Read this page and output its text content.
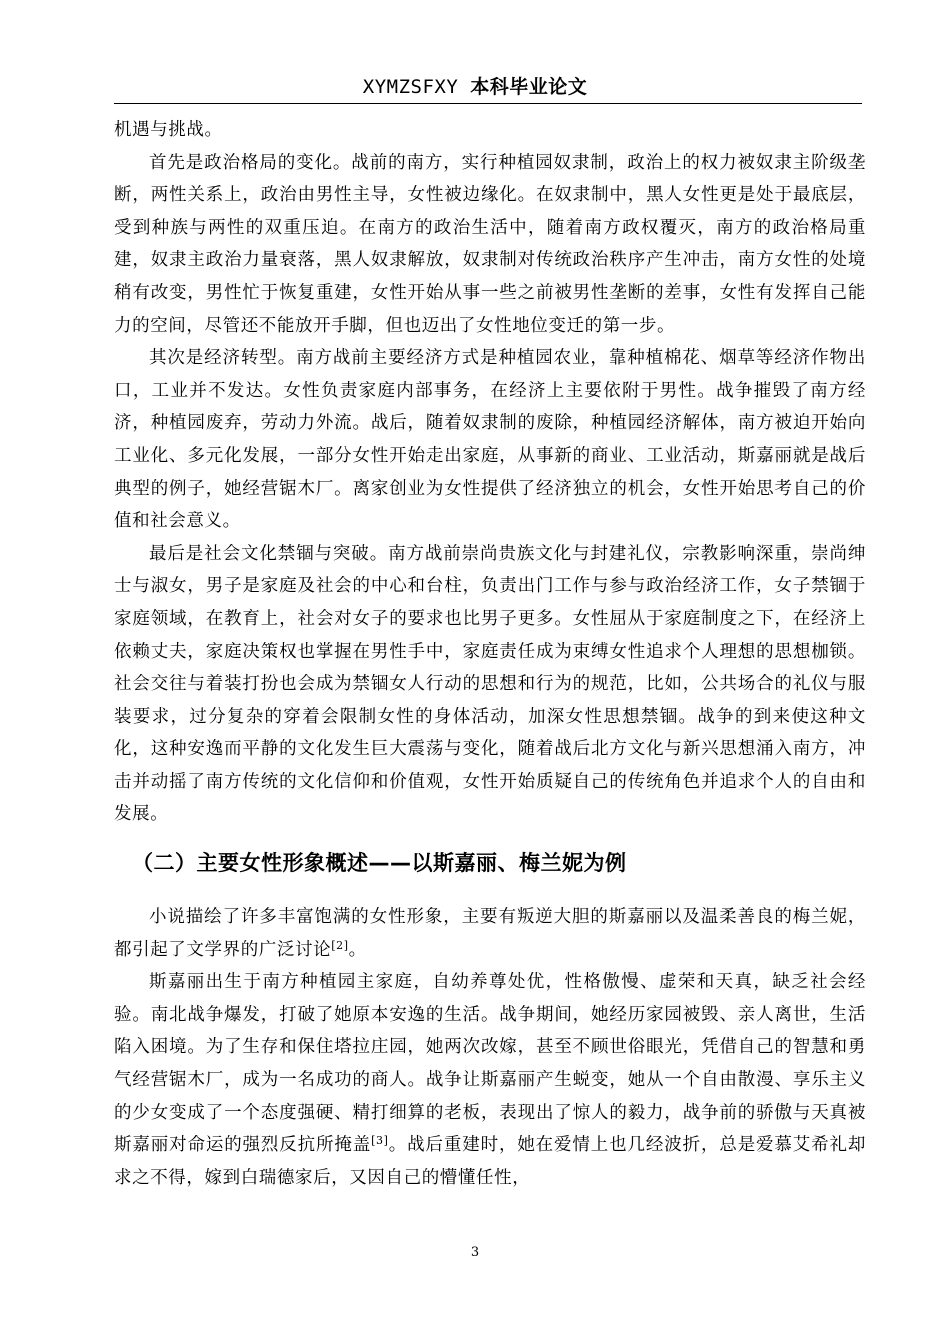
XYMZSFXY 本科毕业论文

机遇与挑战。

首先是政治格局的变化。战前的南方，实行种植园奴隶制，政治上的权力被奴隶主阶级垄断，两性关系上，政治由男性主导，女性被边缘化。在奴隶制中，黑人女性更是处于最底层，受到种族与两性的双重压迫。在南方的政治生活中，随着南方政权覆灭，南方的政治格局重建，奴隶主政治力量衰落，黑人奴隶解放，奴隶制对传统政治秩序产生冲击，南方女性的处境稍有改变，男性忙于恢复重建，女性开始从事一些之前被男性垄断的差事，女性有发挥自己能力的空间，尽管还不能放开手脚，但也迈出了女性地位变迁的第一步。

其次是经济转型。南方战前主要经济方式是种植园农业，靠种植棉花、烟草等经济作物出口，工业并不发达。女性负责家庭内部事务，在经济上主要依附于男性。战争摧毁了南方经济，种植园废弃，劳动力外流。战后，随着奴隶制的废除，种植园经济解体，南方被迫开始向工业化、多元化发展，一部分女性开始走出家庭，从事新的商业、工业活动，斯嘉丽就是战后典型的例子，她经营锯木厂。离家创业为女性提供了经济独立的机会，女性开始思考自己的价值和社会意义。

最后是社会文化禁锢与突破。南方战前崇尚贵族文化与封建礼仪，宗教影响深重，崇尚绅士与淑女，男子是家庭及社会的中心和台柱，负责出门工作与参与政治经济工作，女子禁锢于家庭领域，在教育上，社会对女子的要求也比男子更多。女性屈从于家庭制度之下，在经济上依赖丈夫，家庭决策权也掌握在男性手中，家庭责任成为束缚女性追求个人理想的思想枷锁。社会交往与着装打扮也会成为禁锢女人行动的思想和行为的规范，比如，公共场合的礼仪与服装要求，过分复杂的穿着会限制女性的身体活动，加深女性思想禁锢。战争的到来使这种文化，这种安逸而平静的文化发生巨大震荡与变化，随着战后北方文化与新兴思想涌入南方，冲击并动摇了南方传统的文化信仰和价值观，女性开始质疑自己的传统角色并追求个人的自由和发展。

（二）主要女性形象概述——以斯嘉丽、梅兰妮为例

小说描绘了许多丰富饱满的女性形象，主要有叛逆大胆的斯嘉丽以及温柔善良的梅兰妮，都引起了文学界的广泛讨论[2]。

斯嘉丽出生于南方种植园主家庭，自幼养尊处优，性格傲慢、虚荣和天真，缺乏社会经验。南北战争爆发，打破了她原本安逸的生活。战争期间，她经历家园被毁、亲人离世，生活陷入困境。为了生存和保住塔拉庄园，她两次改嫁，甚至不顾世俗眼光，凭借自己的智慧和勇气经营锯木厂，成为一名成功的商人。战争让斯嘉丽产生蜕变，她从一个自由散漫、享乐主义的少女变成了一个态度强硬、精打细算的老板，表现出了惊人的毅力，战争前的骄傲与天真被斯嘉丽对命运的强烈反抗所掩盖[3]。战后重建时，她在爱情上也几经波折，总是爱慕艾希礼却求之不得，嫁到白瑞德家后，又因自己的懵懂任性，

3
